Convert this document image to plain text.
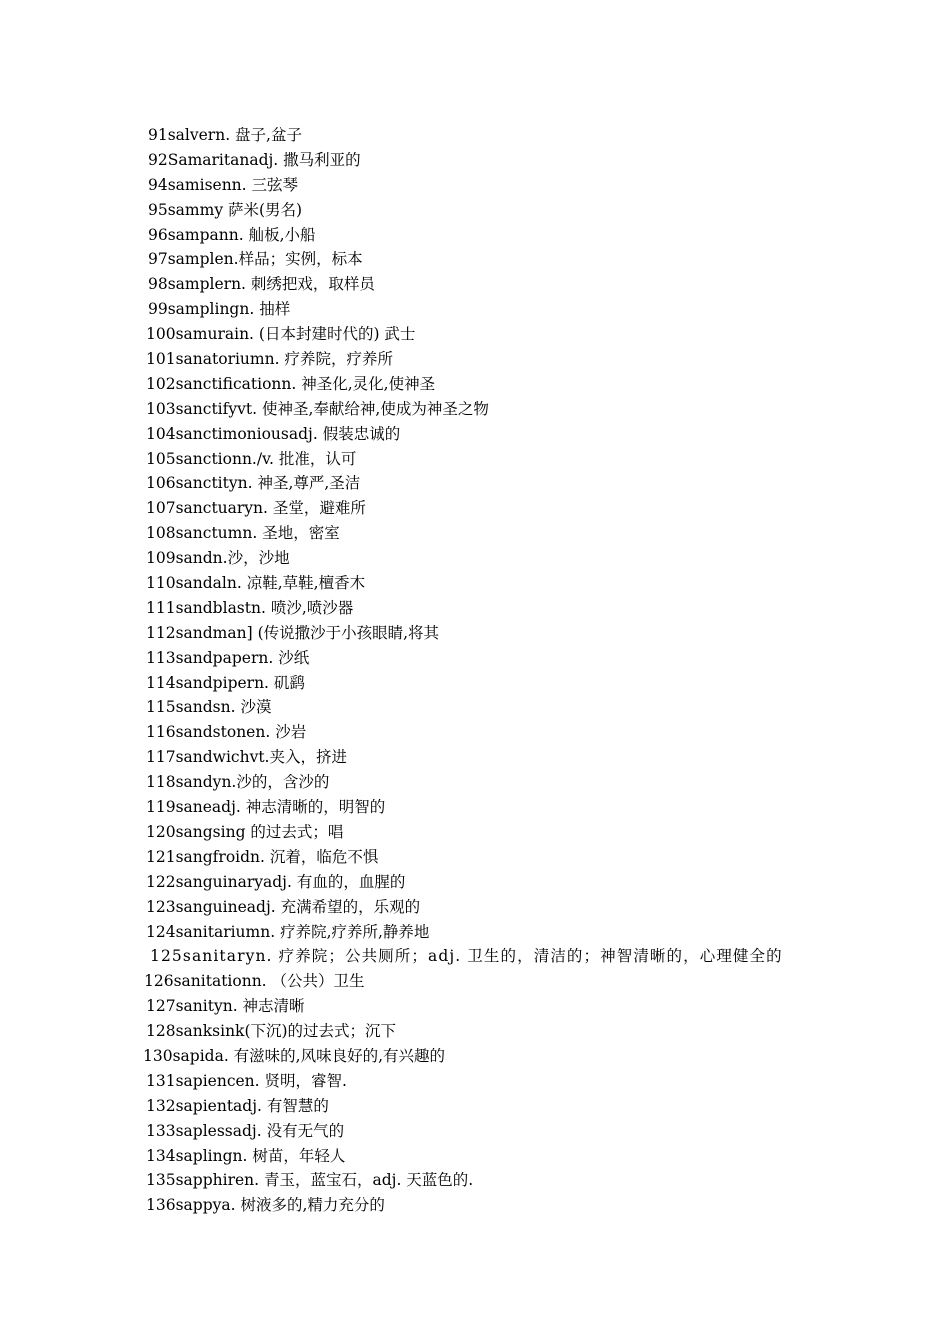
91salvern. 盘子,盆子
92Samaritanadj. 撒马利亚的
94samisenn. 三弦琴
95sammy 萨米(男名)
96sampann. 舢板,小船
97samplen.样品；实例，标本
98samplern. 刺绣把戏，取样员
99samplingn. 抽样
100samurain. (日本封建时代的) 武士
101sanatoriumn. 疗养院，疗养所
102sanctificationn. 神圣化,灵化,使神圣
103sanctifyvt. 使神圣,奉献给神,使成为神圣之物
104sanctimoniousadj. 假装忠诚的
105sanctionn./v. 批准，认可
106sanctityn. 神圣,尊严,圣洁
107sanctuaryn. 圣堂，避难所
108sanctumn. 圣地，密室
109sandn.沙，沙地
110sandaln. 凉鞋,草鞋,檀香木
111sandblastn. 喷沙,喷沙器
112sandman] (传说撒沙于小孩眼睛,将其
113sandpapern. 沙纸
114sandpipern. 矶鹞
115sandsn. 沙漠
116sandstonen. 沙岩
117sandwichvt.夹入，挤进
118sandyn.沙的，含沙的
119saneadj. 神志清晰的，明智的
120sangsing 的过去式；唱
121sangfroidn. 沉着，临危不惧
122sanguinaryadj. 有血的，血腥的
123sanguineadj. 充满希望的，乐观的
124sanitariumn. 疗养院,疗养所,静养地
125sanitaryn. 疗养院；公共厕所；adj. 卫生的，清洁的；神智清晰的，心理健全的
126sanitationn. （公共）卫生
127sanityn. 神志清晰
128sanksink(下沉)的过去式；沉下
130sapida. 有滋味的,风味良好的,有兴趣的
131sapiencen. 贤明，睿智.
132sapientadj. 有智慧的
133saplessadj. 没有无气的
134saplingn. 树苗，年轻人
135sapphiren. 青玉，蓝宝石，adj. 天蓝色的.
136sappya. 树液多的,精力充分的
